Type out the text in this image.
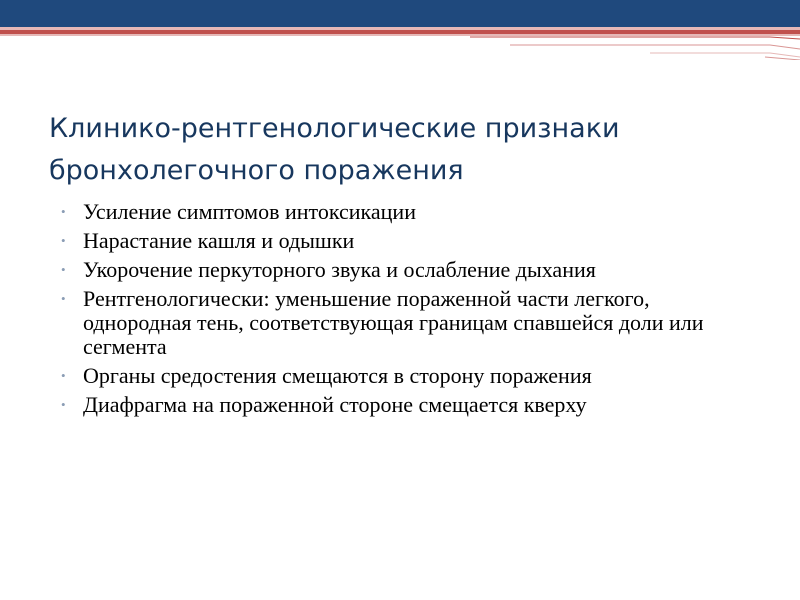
Клинико-рентгенологические признаки
бронхолегочного поражения
• Усиление симптомов интоксикации
• Нарастание кашля и одышки
• Укорочение перкуторного звука и ослабление дыхания
• Рентгенологически: уменьшение пораженной части легкого, однородная тень, соответствующая границам спавшейся доли или сегмента
• Органы средостения смещаются в сторону поражения
• Диафрагма на пораженной стороне смещается кверху
